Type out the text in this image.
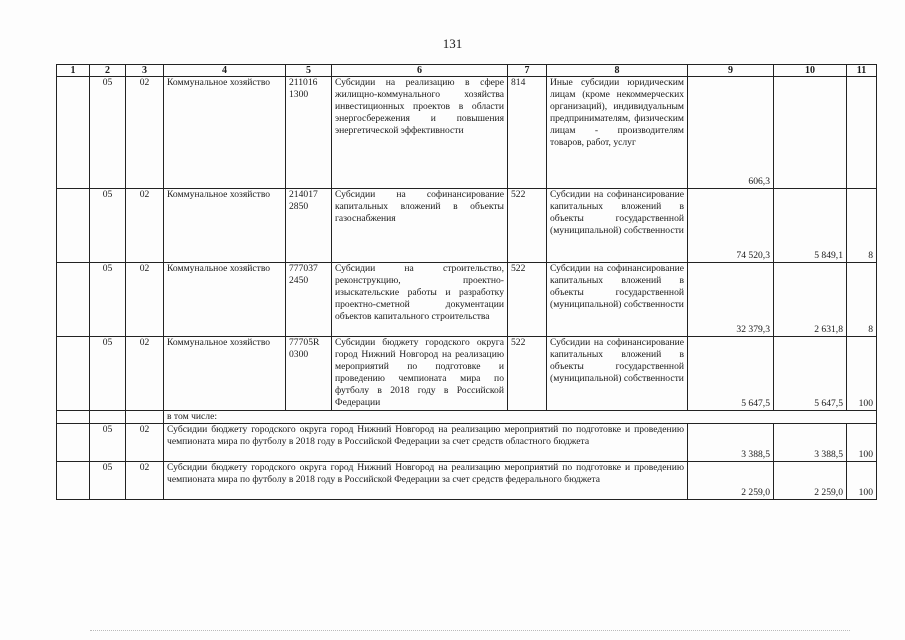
131
1	2	3	4	5	6	7	8	9	10	11
	05	02	Коммунальное хозяйство	211016 1300	Субсидии на реализацию в сфере жилищно-коммунального хозяйства инвестиционных проектов в области энергосбережения и повышения энергетической эффективности	814	Иные субсидии юридическим лицам (кроме некоммерческих организаций), индивидуальным предпринимателям, физическим лицам - производителям товаров, работ, услуг	606,3		
	05	02	Коммунальное хозяйство	214017 2850	Субсидии на софинансирование капитальных вложений в объекты газоснабжения	522	Субсидии на софинансирование капитальных вложений в объекты государственной (муниципальной) собственности	74 520,3	5 849,1	8
	05	02	Коммунальное хозяйство	777037 2450	Субсидии на строительство, реконструкцию, проектно-изыскательские работы и разработку проектно-сметной документации объектов капитального строительства	522	Субсидии на софинансирование капитальных вложений в объекты государственной (муниципальной) собственности	32 379,3	2 631,8	8
	05	02	Коммунальное хозяйство	77705R 0300	Субсидии бюджету городского округа город Нижний Новгород на реализацию мероприятий по подготовке и проведению чемпионата мира по футболу в 2018 году в Российской Федерации	522	Субсидии на софинансирование капитальных вложений в объекты государственной (муниципальной) собственности	5 647,5	5 647,5	100
			в том числе:							
	05	02	Субсидии бюджету городского округа город Нижний Новгород на реализацию мероприятий по подготовке и проведению чемпионата мира по футболу в 2018 году в Российской Федерации за счет средств областного бюджета					3 388,5	3 388,5	100
	05	02	Субсидии бюджету городского округа город Нижний Новгород на реализацию мероприятий по подготовке и проведению чемпионата мира по футболу в 2018 году в Российской Федерации за счет средств федерального бюджета					2 259,0	2 259,0	100
